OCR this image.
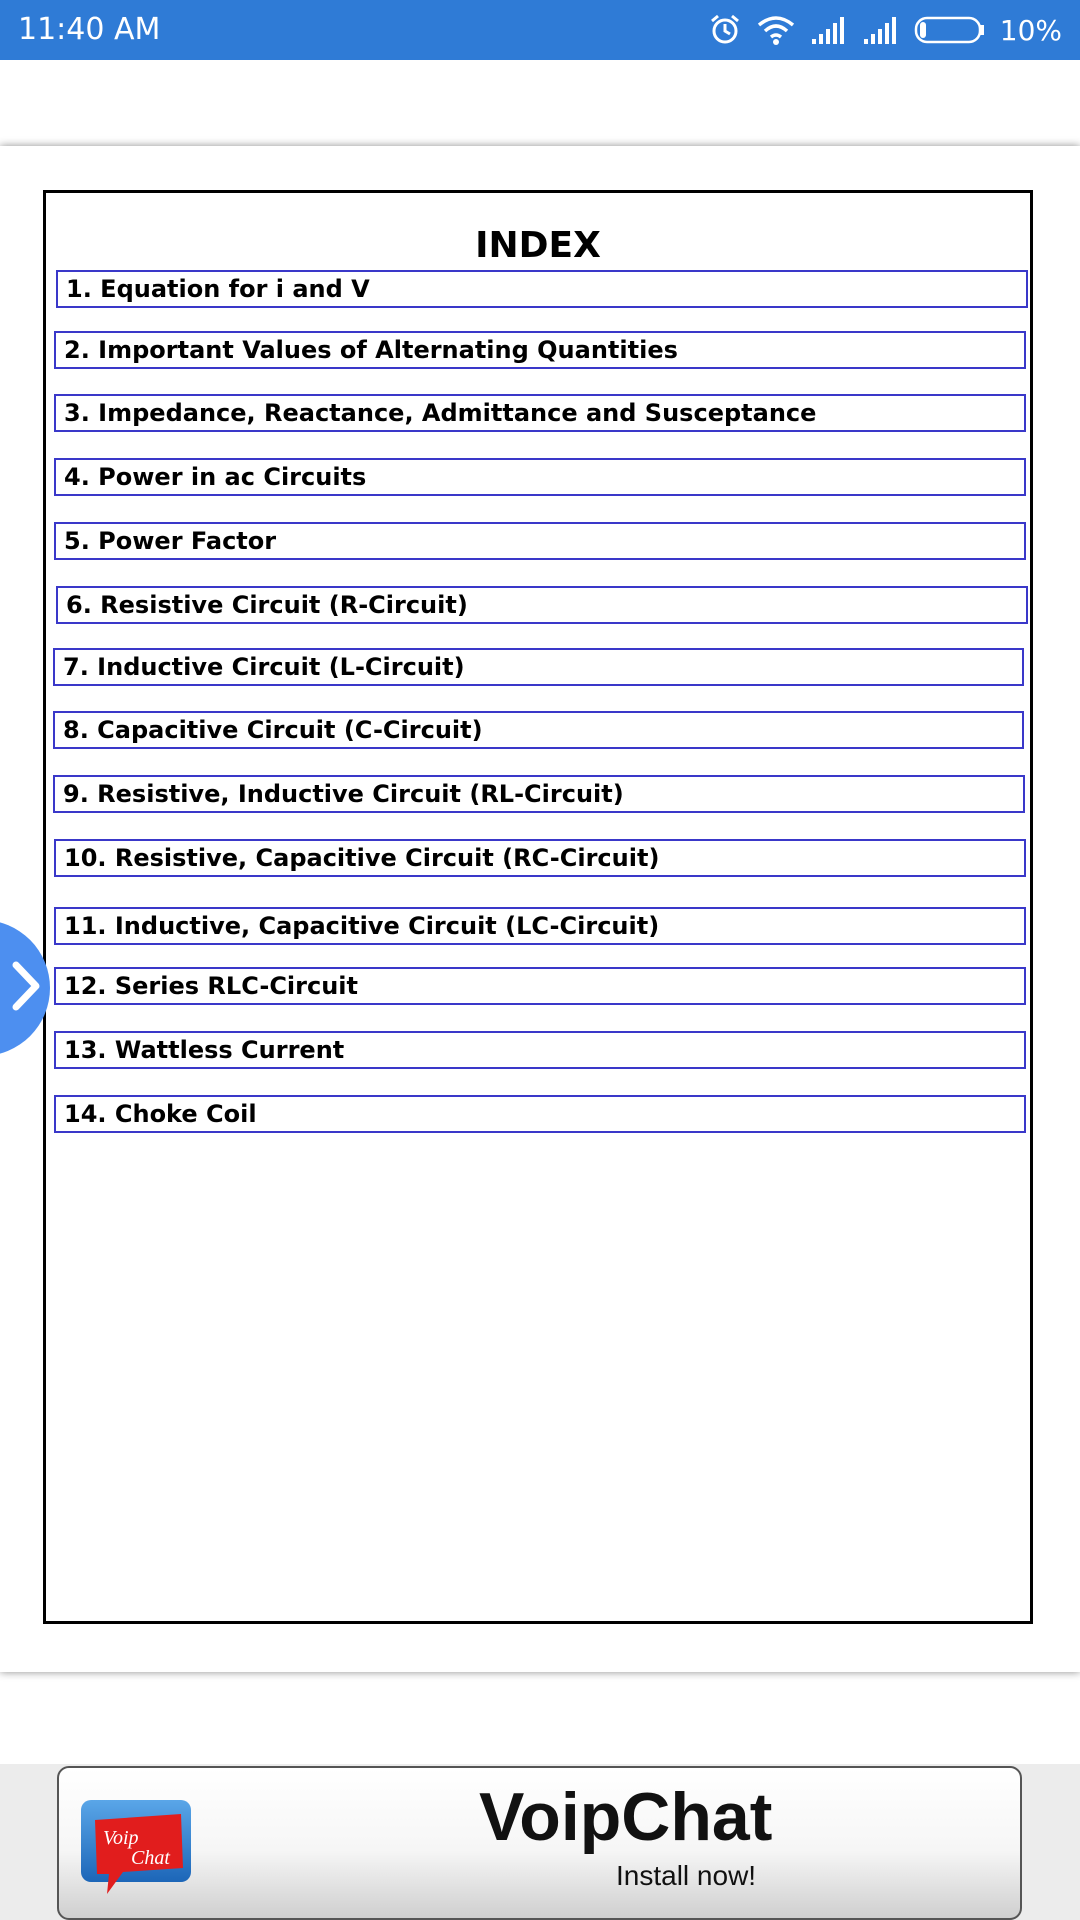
11:40 AM	10%
INDEX
1. Equation for i and V
2. Important Values of Alternating Quantities
3. Impedance, Reactance, Admittance and Susceptance
4. Power in ac Circuits
5. Power Factor
6. Resistive Circuit (R-Circuit)
7. Inductive Circuit (L-Circuit)
8. Capacitive Circuit (C-Circuit)
9. Resistive, Inductive Circuit (RL-Circuit)
10. Resistive, Capacitive Circuit (RC-Circuit)
11. Inductive, Capacitive Circuit (LC-Circuit)
12. Series RLC-Circuit
13. Wattless Current
14. Choke Coil
Voip
Chat
VoipChat
Install now!
